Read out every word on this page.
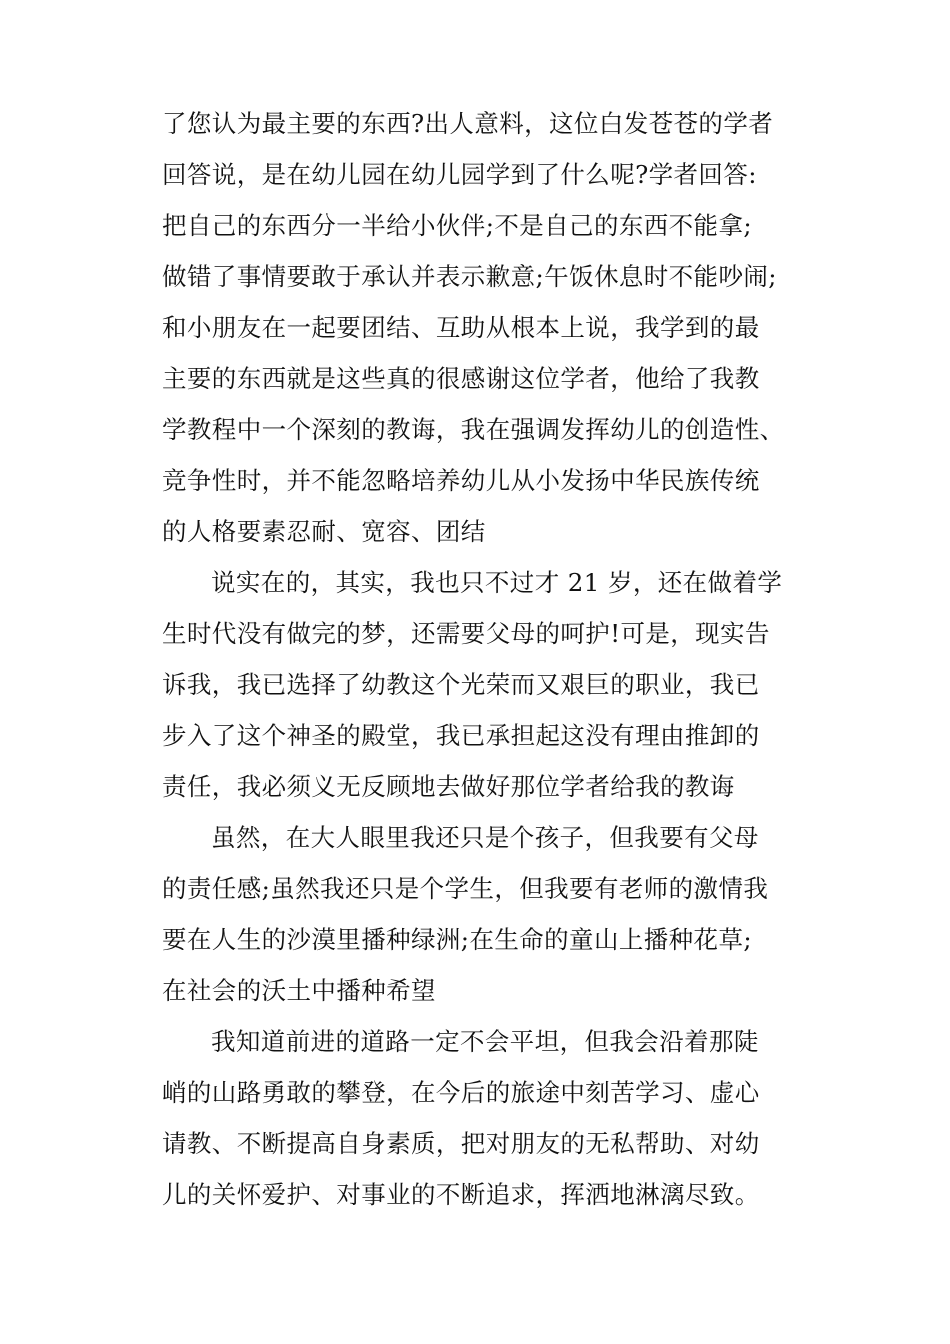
了您认为最主要的东西?出人意料，这位白发苍苍的学者
回答说，是在幼儿园在幼儿园学到了什么呢?学者回答:
把自己的东西分一半给小伙伴;不是自己的东西不能拿;
做错了事情要敢于承认并表示歉意;午饭休息时不能吵闹;
和小朋友在一起要团结、互助从根本上说，我学到的最
主要的东西就是这些真的很感谢这位学者，他给了我教
学教程中一个深刻的教诲，我在强调发挥幼儿的创造性、
竞争性时，并不能忽略培养幼儿从小发扬中华民族传统
的人格要素忍耐、宽容、团结
说实在的，其实，我也只不过才 21 岁，还在做着学
生时代没有做完的梦，还需要父母的呵护!可是，现实告
诉我，我已选择了幼教这个光荣而又艰巨的职业，我已
步入了这个神圣的殿堂，我已承担起这没有理由推卸的
责任，我必须义无反顾地去做好那位学者给我的教诲
虽然，在大人眼里我还只是个孩子，但我要有父母
的责任感;虽然我还只是个学生，但我要有老师的激情我
要在人生的沙漠里播种绿洲;在生命的童山上播种花草;
在社会的沃土中播种希望
我知道前进的道路一定不会平坦，但我会沿着那陡
峭的山路勇敢的攀登，在今后的旅途中刻苦学习、虚心
请教、不断提高自身素质，把对朋友的无私帮助、对幼
儿的关怀爱护、对事业的不断追求，挥洒地淋漓尽致。
